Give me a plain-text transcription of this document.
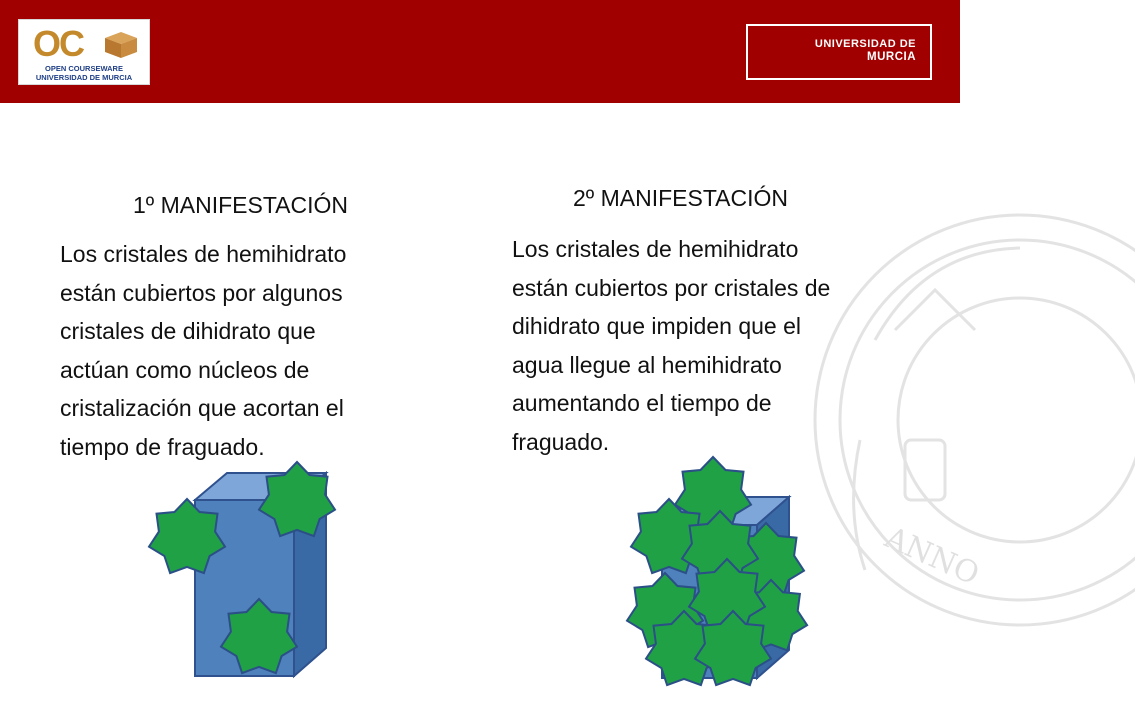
OC
OPEN COURSEWARE
UNIVERSIDAD DE MURCIA
UNIVERSIDAD DE
MURCIA
ANNO
1º MANIFESTACIÓN
Los cristales de hemihidrato
están cubiertos por algunos
cristales de dihidrato que
actúan como núcleos de
cristalización que acortan el
tiempo de fraguado.
2º MANIFESTACIÓN
Los cristales de hemihidrato
están cubiertos por cristales de
dihidrato que impiden que el
agua llegue al hemihidrato
aumentando el tiempo de
fraguado.
